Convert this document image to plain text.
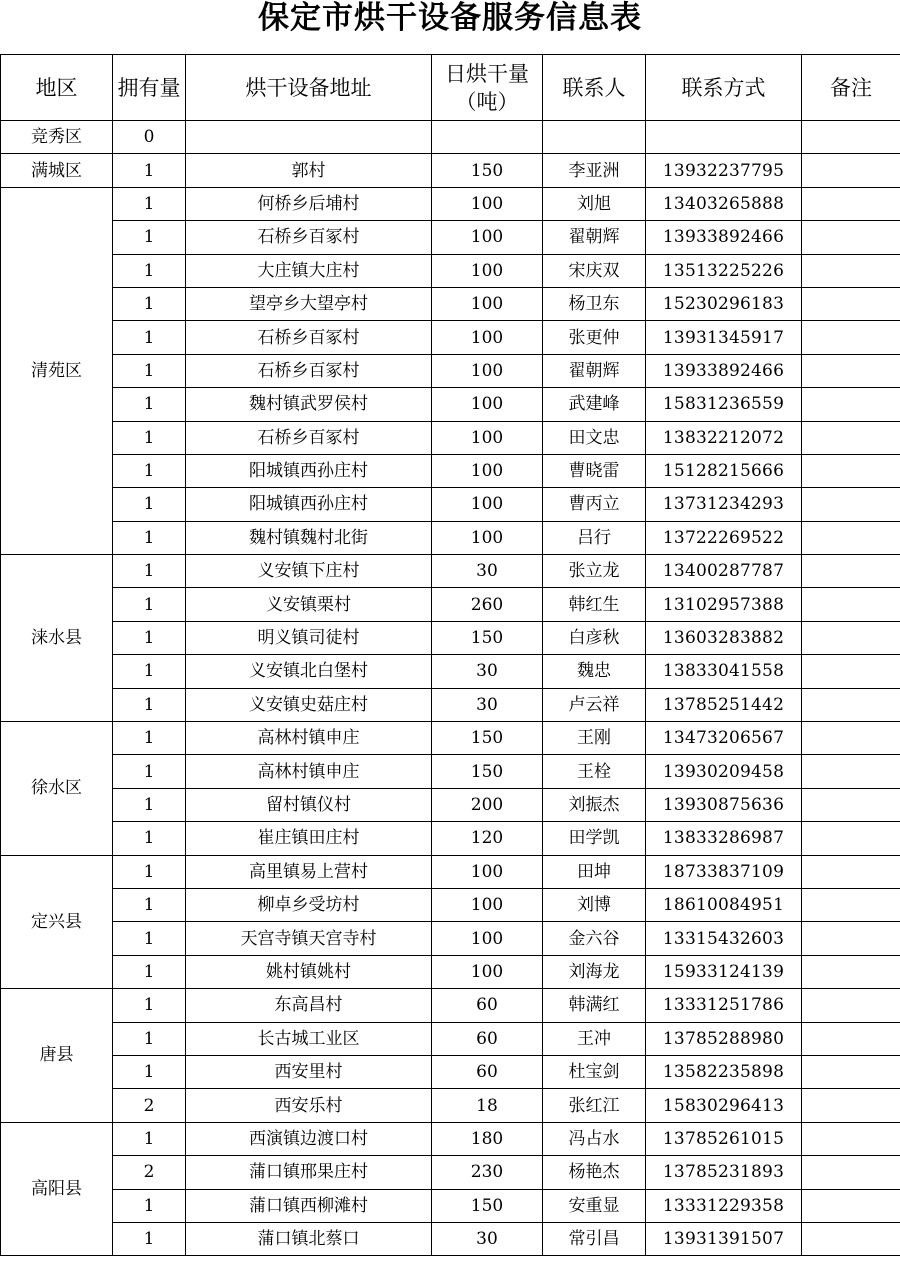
保定市烘干设备服务信息表
地区	拥有量	烘干设备地址	日烘干量（吨）	联系人	联系方式	备注
竞秀区	0					
满城区	1	郭村	150	李亚洲	13932237795	
清苑区	1	何桥乡后埔村	100	刘旭	13403265888	
	1	石桥乡百冢村	100	翟朝辉	13933892466	
	1	大庄镇大庄村	100	宋庆双	13513225226	
	1	望亭乡大望亭村	100	杨卫东	15230296183	
	1	石桥乡百冢村	100	张更仲	13931345917	
	1	石桥乡百冢村	100	翟朝辉	13933892466	
	1	魏村镇武罗侯村	100	武建峰	15831236559	
	1	石桥乡百冢村	100	田文忠	13832212072	
	1	阳城镇西孙庄村	100	曹晓雷	15128215666	
	1	阳城镇西孙庄村	100	曹丙立	13731234293	
	1	魏村镇魏村北街	100	吕行	13722269522	
涞水县	1	义安镇下庄村	30	张立龙	13400287787	
	1	义安镇栗村	260	韩红生	13102957388	
	1	明义镇司徒村	150	白彦秋	13603283882	
	1	义安镇北白堡村	30	魏忠	13833041558	
	1	义安镇史菇庄村	30	卢云祥	13785251442	
徐水区	1	高林村镇申庄	150	王刚	13473206567	
	1	高林村镇申庄	150	王栓	13930209458	
	1	留村镇仪村	200	刘振杰	13930875636	
	1	崔庄镇田庄村	120	田学凯	13833286987	
定兴县	1	高里镇易上营村	100	田坤	18733837109	
	1	柳卓乡受坊村	100	刘博	18610084951	
	1	天宫寺镇天宫寺村	100	金六谷	13315432603	
	1	姚村镇姚村	100	刘海龙	15933124139	
唐县	1	东高昌村	60	韩满红	13331251786	
	1	长古城工业区	60	王冲	13785288980	
	1	西安里村	60	杜宝剑	13582235898	
	2	西安乐村	18	张红江	15830296413	
高阳县	1	西演镇边渡口村	180	冯占水	13785261015	
	2	蒲口镇邢果庄村	230	杨艳杰	13785231893	
	1	蒲口镇西柳滩村	150	安重显	13331229358	
	1	蒲口镇北蔡口	30	常引昌	13931391507	
